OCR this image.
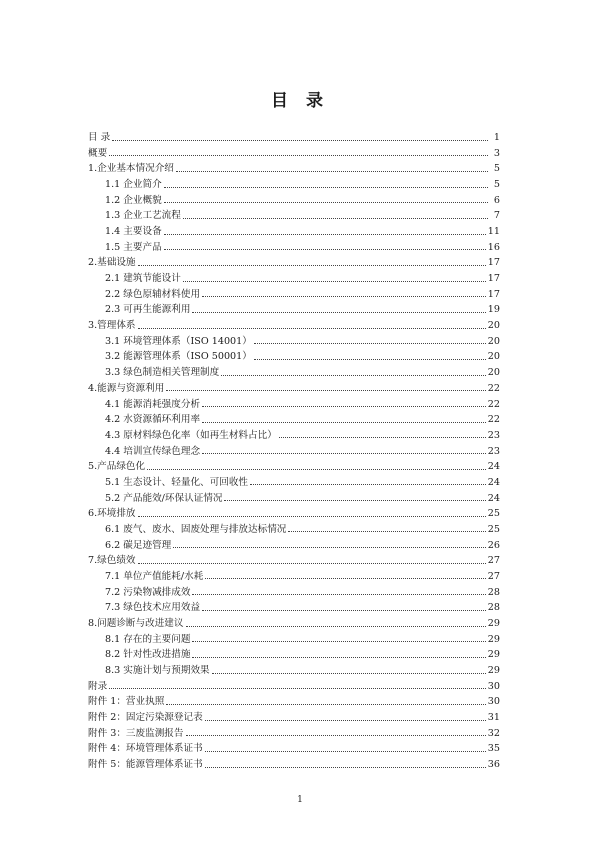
目 录
目 录	1
概要	3
1.企业基本情况介绍	5
1.1 企业简介	5
1.2 企业概貌	6
1.3 企业工艺流程	7
1.4 主要设备	11
1.5 主要产品	16
2.基础设施	17
2.1 建筑节能设计	17
2.2 绿色原辅材料使用	17
2.3 可再生能源利用	19
3.管理体系	20
3.1 环境管理体系（ISO 14001）	20
3.2 能源管理体系（ISO 50001）	20
3.3 绿色制造相关管理制度	20
4.能源与资源利用	22
4.1 能源消耗强度分析	22
4.2 水资源循环利用率	22
4.3 原材料绿色化率（如再生材料占比）	23
4.4 培训宣传绿色理念	23
5.产品绿色化	24
5.1 生态设计、轻量化、可回收性	24
5.2 产品能效/环保认证情况	24
6.环境排放	25
6.1 废气、废水、固废处理与排放达标情况	25
6.2 碳足迹管理	26
7.绿色绩效	27
7.1 单位产值能耗/水耗	27
7.2 污染物减排成效	28
7.3 绿色技术应用效益	28
8.问题诊断与改进建议	29
8.1 存在的主要问题	29
8.2 针对性改进措施	29
8.3 实施计划与预期效果	29
附录	30
附件 1：营业执照	30
附件 2：固定污染源登记表	31
附件 3：三废监测报告	32
附件 4：环境管理体系证书	35
附件 5：能源管理体系证书	36
1
